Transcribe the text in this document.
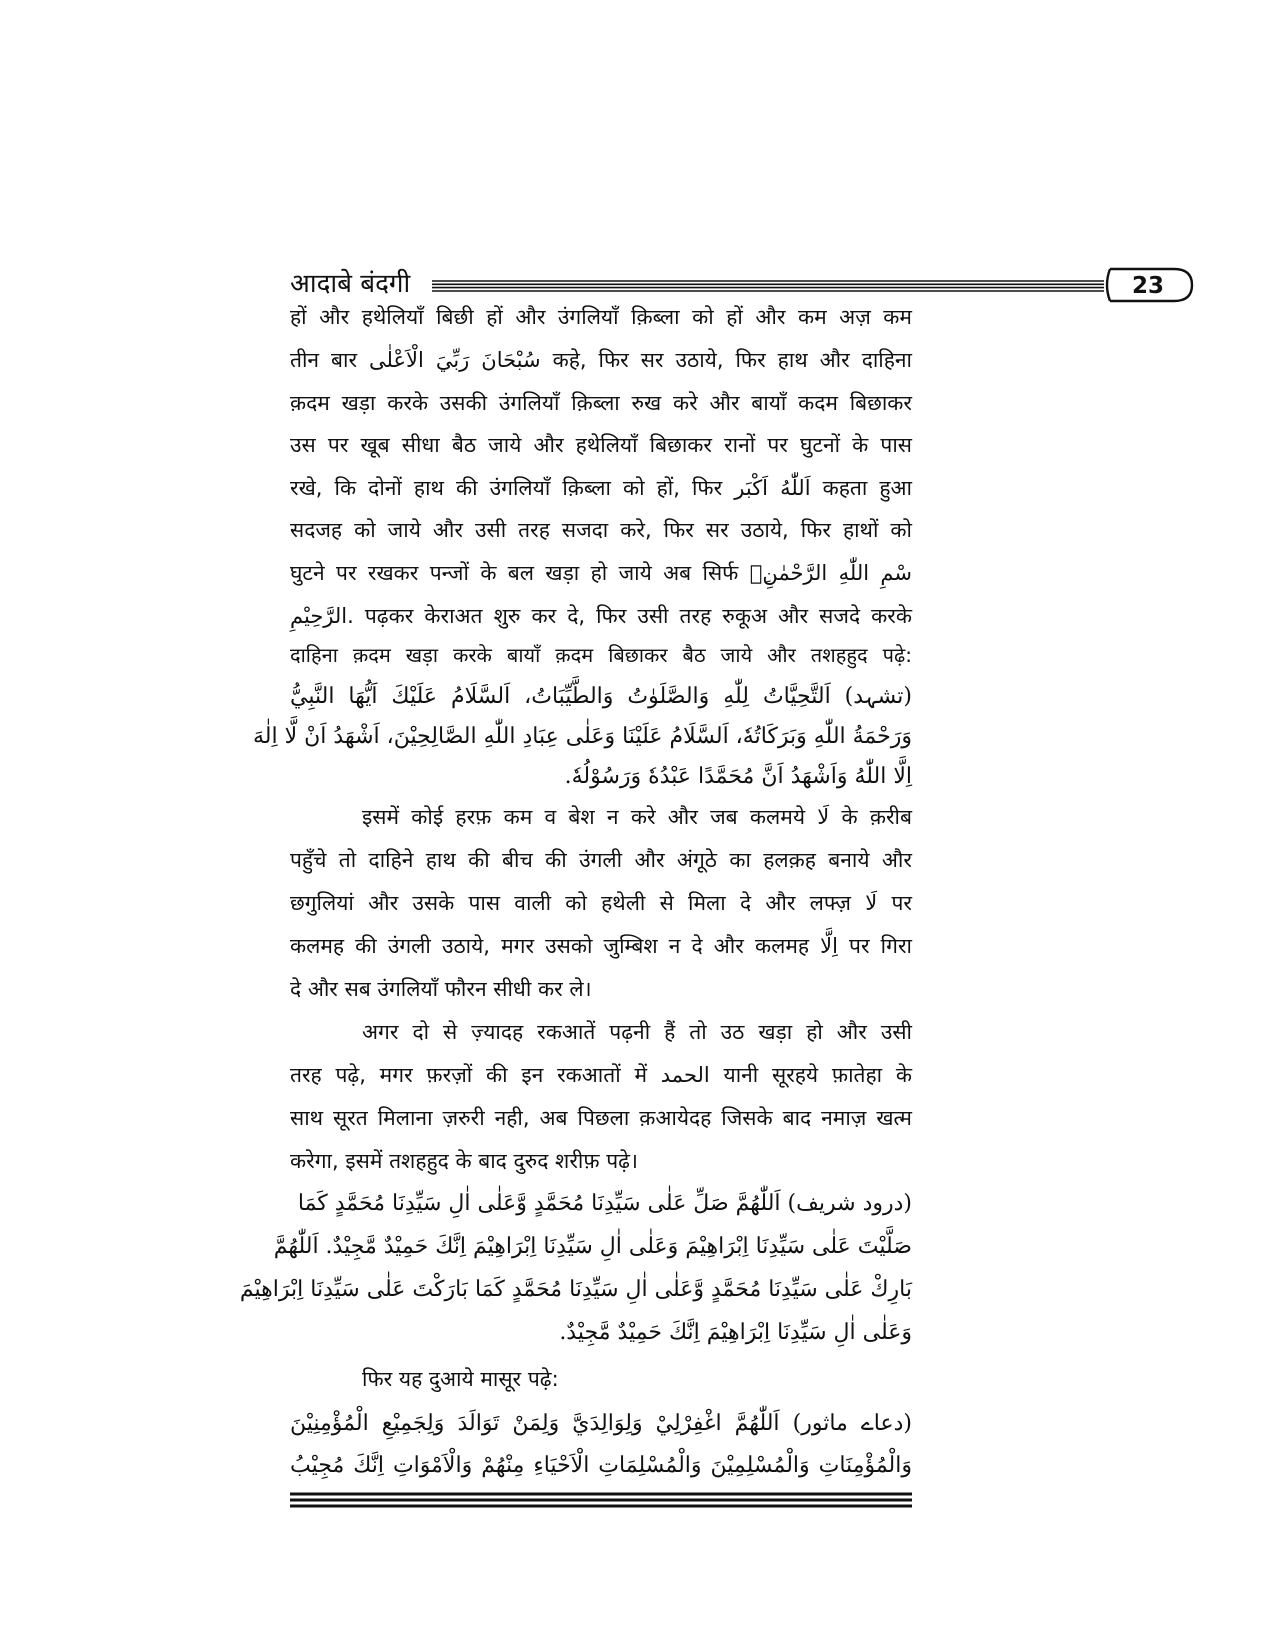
आदाबे बंदगी	23
हों और हथेलियाँ बिछी हों और उंगलियाँ क़िब्ला को हों और कम अज़ कम
तीन बार سُبْحَانَ رَبِّيَ الْاَعْلٰی कहे, फिर सर उठाये, फिर हाथ और दाहिना
क़दम खड़ा करके उसकी उंगलियाँ क़िब्ला रुख करे और बायाँ कदम बिछाकर
उस पर खूब सीधा बैठ जाये और हथेलियाँ बिछाकर रानों पर घुटनों के पास
रखे, कि दोनों हाथ की उंगलियाँ क़िब्ला को हों, फिर اَللّٰهُ اَكْبَر कहता हुआ
सदजह को जाये और उसी तरह सजदा करे, फिर सर उठाये, फिर हाथों को
घुटने पर रखकर पन्जों के बल खड़ा हो जाये अब सिर्फ बِسْمِ اللّٰهِ الرَّحْمٰنِ
الرَّحِيْمِ. पढ़कर केराअत शुरु कर दे, फिर उसी तरह रुकूअ और सजदे करके
दाहिना क़दम खड़ा करके बायाँ क़दम बिछाकर बैठ जाये और तशहहुद पढ़े:
(تشہد) اَلتَّحِيَّاتُ لِلّٰهِ وَالصَّلَوٰتُ وَالطَّيِّبَاتُ، اَلسَّلَامُ عَلَيْكَ اَيُّهَا النَّبِيُّ
وَرَحْمَةُ اللّٰهِ وَبَرَكَاتُهٗ، اَلسَّلَامُ عَلَيْنَا وَعَلٰى عِبَادِ اللّٰهِ الصَّالِحِيْنَ، اَشْهَدُ اَنْ لَّا اِلٰهَ
اِلَّا اللّٰهُ وَاَشْهَدُ اَنَّ مُحَمَّدًا عَبْدُهٗ وَرَسُوْلُهٗ.
इसमें कोई हरफ़ कम व बेश न करे और जब कलमये لَا के क़रीब
पहुँचे तो दाहिने हाथ की बीच की उंगली और अंगूठे का हलक़ह बनाये और
छगुलियां और उसके पास वाली को हथेली से मिला दे और लफ्ज़ لَا पर
कलमह की उंगली उठाये, मगर उसको जुम्बिश न दे और कलमह اِلَّا पर गिरा
दे और सब उंगलियाँ फौरन सीधी कर ले।
अगर दो से ज़्यादह रकआतें पढ़नी हैं तो उठ खड़ा हो और उसी
तरह पढ़े, मगर फ़रज़ों की इन रकआतों में الحمد यानी सूरहये फ़ातेहा के
साथ सूरत मिलाना ज़रुरी नही, अब पिछला क़आयेदह जिसके बाद नमाज़ खत्म
करेगा, इसमें तशहहुद के बाद दुरुद शरीफ़ पढ़े।
(درود شریف) اَللّٰهُمَّ صَلِّ عَلٰى سَيِّدِنَا مُحَمَّدٍ وَّعَلٰى اٰلِ سَيِّدِنَا مُحَمَّدٍ كَمَا
صَلَّيْتَ عَلٰى سَيِّدِنَا اِبْرَاهِيْمَ وَعَلٰى اٰلِ سَيِّدِنَا اِبْرَاهِيْمَ اِنَّكَ حَمِيْدٌ مَّجِيْدٌ. اَللّٰهُمَّ
بَارِكْ عَلٰى سَيِّدِنَا مُحَمَّدٍ وَّعَلٰى اٰلِ سَيِّدِنَا مُحَمَّدٍ كَمَا بَارَكْتَ عَلٰى سَيِّدِنَا اِبْرَاهِيْمَ
وَعَلٰى اٰلِ سَيِّدِنَا اِبْرَاهِيْمَ اِنَّكَ حَمِيْدٌ مَّجِيْدٌ.
फिर यह दुआये मासूर पढ़े:
(دعاے ماثور) اَللّٰهُمَّ اغْفِرْلِيْ وَلِوَالِدَيَّ وَلِمَنْ تَوَالَدَ وَلِجَمِيْعِ الْمُؤْمِنِيْنَ
وَالْمُؤْمِنَاتِ وَالْمُسْلِمِيْنَ وَالْمُسْلِمَاتِ الْاَحْيَاءِ مِنْهُمْ وَالْاَمْوَاتِ اِنَّكَ مُجِيْبُ
